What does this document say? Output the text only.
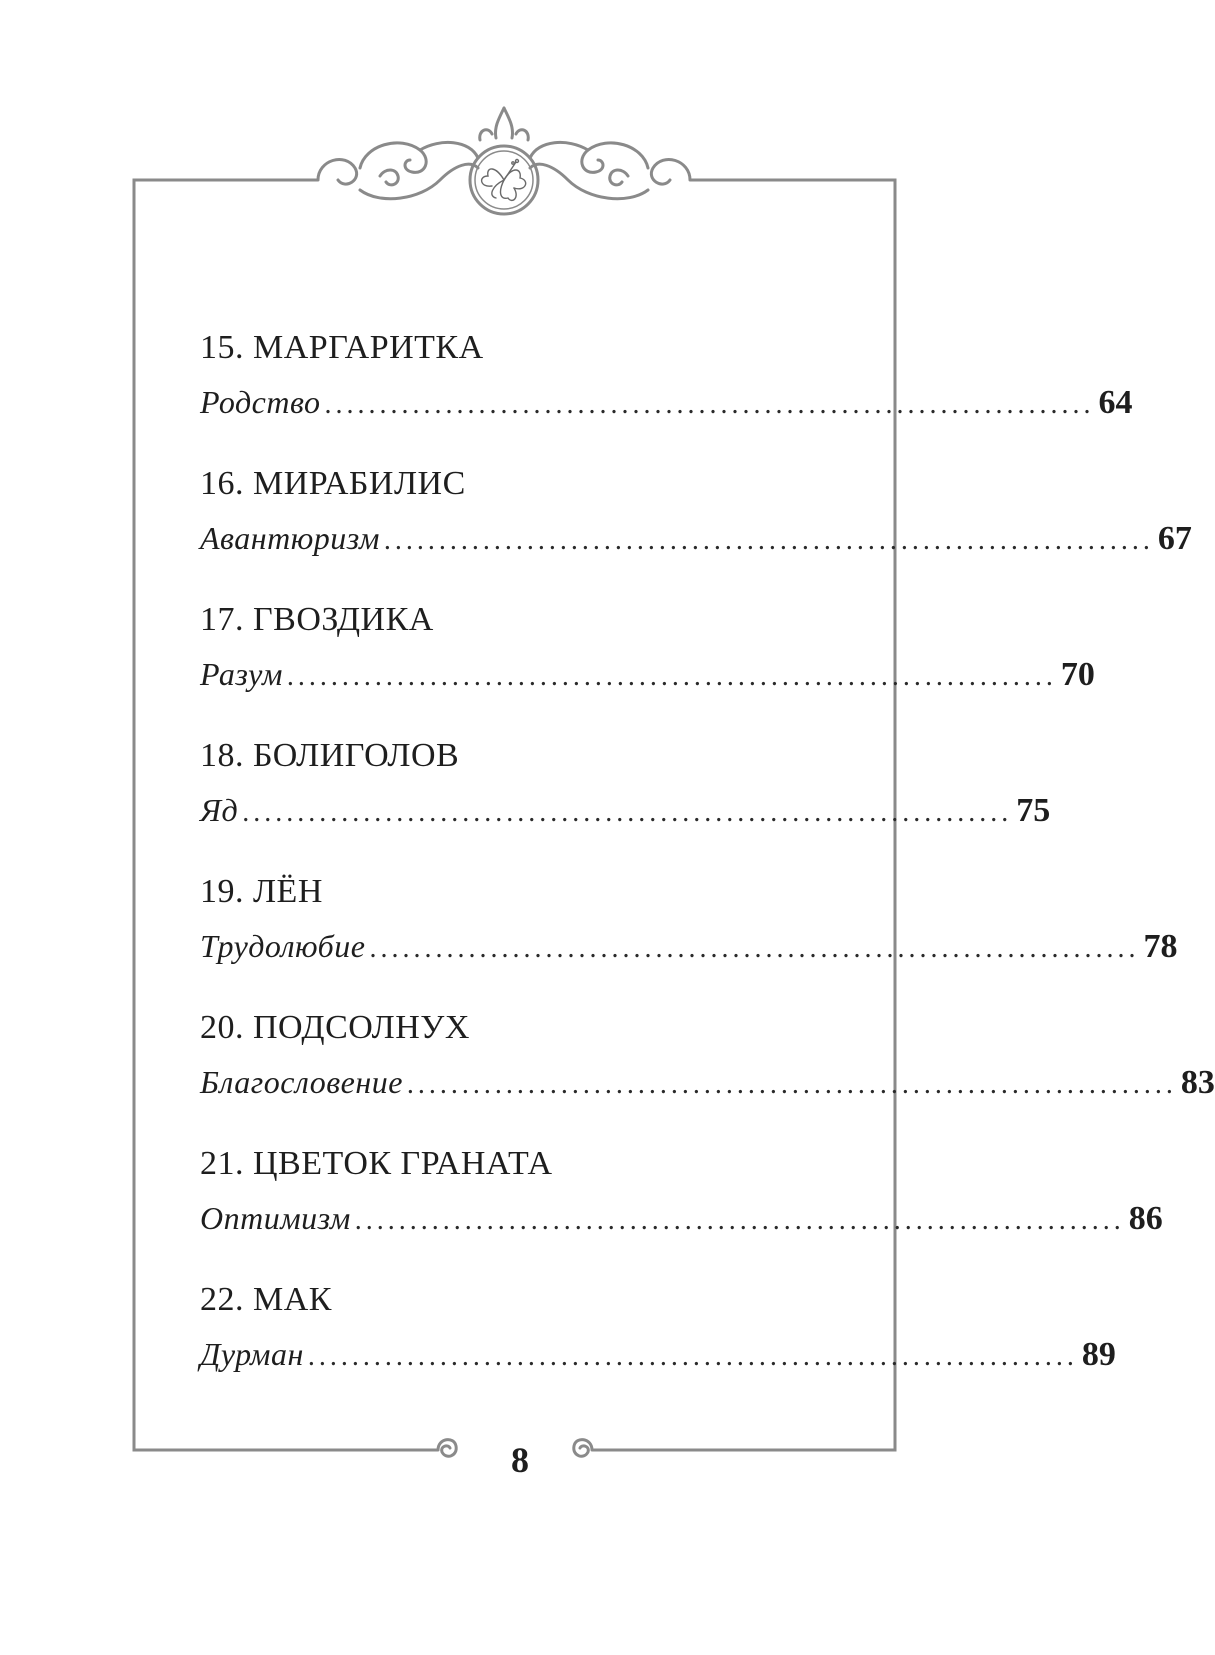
15. МАРГАРИТКА
Родство ...................................................................... 64
16. МИРАБИЛИС
Авантюризм ...................................................................... 67
17. ГВОЗДИКА
Разум ...................................................................... 70
18. БОЛИГОЛОВ
Яд ...................................................................... 75
19. ЛЁН
Трудолюбие ...................................................................... 78
20. ПОДСОЛНУХ
Благословение ...................................................................... 83
21. ЦВЕТОК ГРАНАТА
Оптимизм ...................................................................... 86
22. МАК
Дурман ...................................................................... 89
8
